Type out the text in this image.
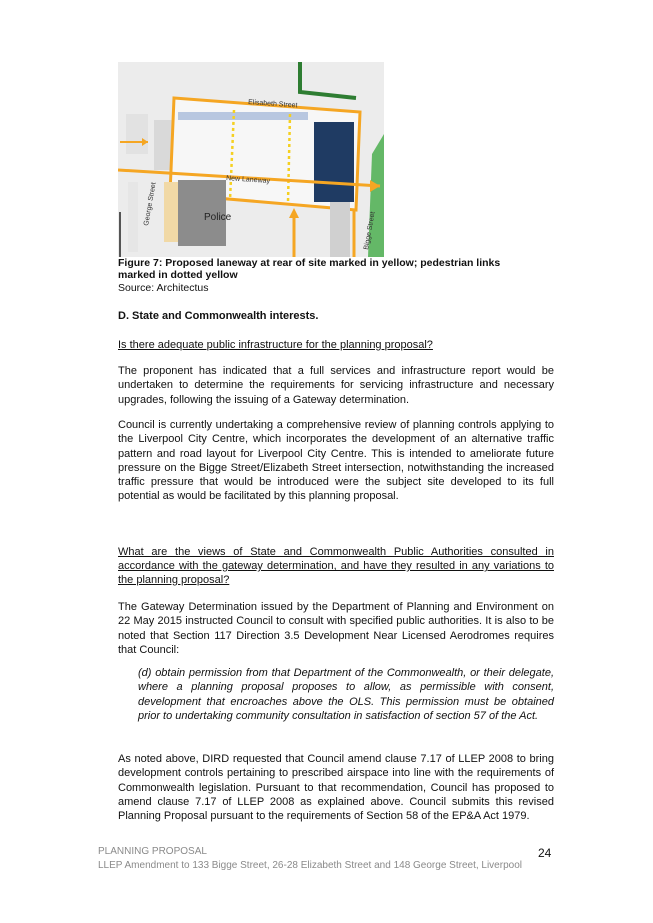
Elisabeth Street
New Laneway
George Street	Police	Bigge Street
Figure 7: Proposed laneway at rear of site marked in yellow; pedestrian links marked in dotted yellow
Source: Architectus
D. State and Commonwealth interests.
Is there adequate public infrastructure for the planning proposal?

The proponent has indicated that a full services and infrastructure report would be undertaken to determine the requirements for servicing infrastructure and necessary upgrades, following the issuing of a Gateway determination.

Council is currently undertaking a comprehensive review of planning controls applying to the Liverpool City Centre, which incorporates the development of an alternative traffic pattern and road layout for Liverpool City Centre. This is intended to ameliorate future pressure on the Bigge Street/Elizabeth Street intersection, notwithstanding the increased traffic pressure that would be introduced were the subject site developed to its full potential as would be facilitated by this planning proposal.

What are the views of State and Commonwealth Public Authorities consulted in accordance with the gateway determination, and have they resulted in any variations to the planning proposal?

The Gateway Determination issued by the Department of Planning and Environment on 22 May 2015 instructed Council to consult with specified public authorities. It is also to be noted that Section 117 Direction 3.5 Development Near Licensed Aerodromes requires that Council:

(d) obtain permission from that Department of the Commonwealth, or their delegate, where a planning proposal proposes to allow, as permissible with consent, development that encroaches above the OLS. This permission must be obtained prior to undertaking community consultation in satisfaction of section 57 of the Act.

As noted above, DIRD requested that Council amend clause 7.17 of LLEP 2008 to bring development controls pertaining to prescribed airspace into line with the requirements of Commonwealth legislation. Pursuant to that recommendation, Council has proposed to amend clause 7.17 of LLEP 2008 as explained above. Council submits this revised Planning Proposal pursuant to the requirements of Section 58 of the EP&A Act 1979.

PLANNING PROPOSAL
LLEP Amendment to 133 Bigge Street, 26-28 Elizabeth Street and 148 George Street, Liverpool
24
